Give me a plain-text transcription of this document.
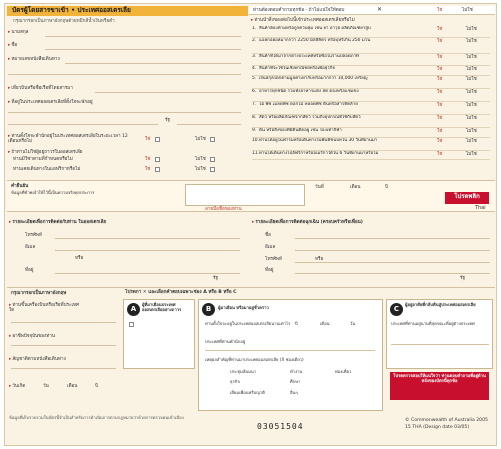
บัตรผู้โดยสารขาเข้า • ประเทศออสเตรเลีย
กรุณากรอกเป็นภาษาอังกฤษด้วยหมึกสีน้ำเงินหรือดำ
▸ นามสกุล
▸ ชื่อ
▸ หมายเลขหนังสือเดินทาง
▸ เที่ยวบินหรือชื่อเรือที่โดยสารมา
▸ ที่อยู่ในประเทศออสเตรเลียที่ตั้งใจจะพักอยู่
รัฐ
▸ ท่านตั้งใจจะพำนักอยู่ในประเทศออสเตรเลียในระยะเวลา 12 เดือนหรือไม่	ใช่	ไม่ใช่
▸ ถ้าท่านไม่ใช่ผู้อยู่ถาวรในออสเตรเลีย
ท่านมีวีซ่าตามที่กำหนดหรือไม่	ใช่	ไม่ใช่
ท่านเคยเดินทางในแอฟริกาหรือไม่	ใช่	ไม่ใช่
ท่านต้องตอบคำถามทุกข้อ - ถ้าไม่แน่ใจให้ตอบ	✕	ใช่	ไม่ใช่
▸ ท่านนำสิ่งของต่อไปนี้เข้าประเทศออสเตรเลียหรือไม่
คำยืนยัน
ข้อมูลที่ข้าพเจ้าให้ไว้นี้เป็นความจริงทุกประการ
ลายมือชื่อของท่าน
วันที่	เดือน	ปี
โปรดพลิก
Thai
▸ รายละเอียดเพื่อการติดต่อกับท่าน ในออสเตรเลีย
โทรศัพท์
อีเมล
หรือ
ที่อยู่
รัฐ
▸ รายละเอียดเพื่อการติดต่อฉุกเฉิน (ครอบครัวหรือเพื่อน)
ชื่อ
อีเมล
โทรศัพท์	หรือ
ที่อยู่
รัฐ
กรุณากรอกเป็นภาษาอังกฤษ
▸ ท่านขึ้นเครื่องบินหรือเรือที่ประเทศใด
▸ อาชีพปัจจุบันของท่าน
▸ สัญชาติตามหนังสือเดินทาง
▸ วันเกิด	วัน	เดือน	ปี
โปรดกา ✕ และเลือกคำตอบเฉพาะช่อง A หรือ B หรือ C
A
ผู้ที่มาเยือนประเทศ ออสเตรเลียอย่างถาวร	B	ผู้มาเยือน หรือมาอยู่ชั่วคราว
ท่านตั้งใจจะอยู่ในประเทศออสเตรเลียนานเท่าไร ปี	เดือน	วัน
ประเทศที่ท่านพำนักอยู่
เหตุผลสำคัญที่ท่านมาประเทศออสเตรเลีย (X ช่องเดียว)
C
ผู้อยู่อาศัยที่กลับคืนสู่ประเทศออสเตรเลีย
ประเทศที่ท่านอยู่นานที่สุดขณะที่อยู่ต่างประเทศ
โปรดตรวจสอบให้แน่ใจว่า ท่านตอบคำถามที่อยู่ด้านหลังของบัตรนี้ทุกข้อ
ข้อมูลที่เก็บรวบรวมในบัตรนี้จำเป็นสำหรับการดำเนินการตามกฎหมายว่าด้วยการตรวจคนเข้าเมือง
03051504
© Commonwealth of Australia 2005
15 THA (Design date 03/05)
1. สินค้าต้องห้ามหรือถูกควบคุม เช่น ยา อาวุธ ผลิตภัณฑ์ยาสูบ	ใช่	ไม่ใช่
2. แอลกอฮอล์มากกว่า 2250 มิลลิลิตร หรือบุหรี่เกิน 250 มวน	ใช่	ไม่ใช่
3. สินค้าที่ได้มาจากต่างประเทศหรือซื้อในร้านปลอดภาษี	ใช่	ไม่ใช่
4. สินค้าที่จะใช้ในเชิงพาณิชย์หรือเพื่อธุรกิจ	ใช่	ไม่ใช่
5. เงินสกุลใดก็ตามมูลค่าเท่ากับหรือมากกว่า 10,000 เหรียญ	ใช่	ไม่ใช่
6. อาหารทุกชนิด รวมทั้งอาหารแห้ง สด ดองหรือแช่แข็ง	ใช่	ไม่ใช่
7. ไม้ พืช เมล็ดพืช ดอกไม้ หลอดพืช ดินหรือสารที่คล้าย	ใช่	ไม่ใช่
8. สัตว์ หรือผลิตภัณฑ์จากสัตว์ รวมถึงอุปกรณ์ที่ใช้กับสัตว์	ใช่	ไม่ใช่
9. ดิน หรือสิ่งของที่มีดินติดอยู่ เช่น รองเท้ากีฬา	ใช่	ไม่ใช่
10.ท่านได้อยู่ในฟาร์มหรือเดินทางในพื้นที่ชนบทใน 30 วันที่ผ่านมา	ใช่	ไม่ใช่
11.ท่านได้เดินทางไปอัฟริกาหรืออเมริกาใต้ใน 6 วันที่ผ่านมาหรือไม่	ใช่	ไม่ใช่
ประชุมสัมมนา	ทำงาน	ท่องเที่ยว
ธุรกิจ	ศึกษา
เยี่ยมเพื่อนหรือญาติ	อื่นๆ
